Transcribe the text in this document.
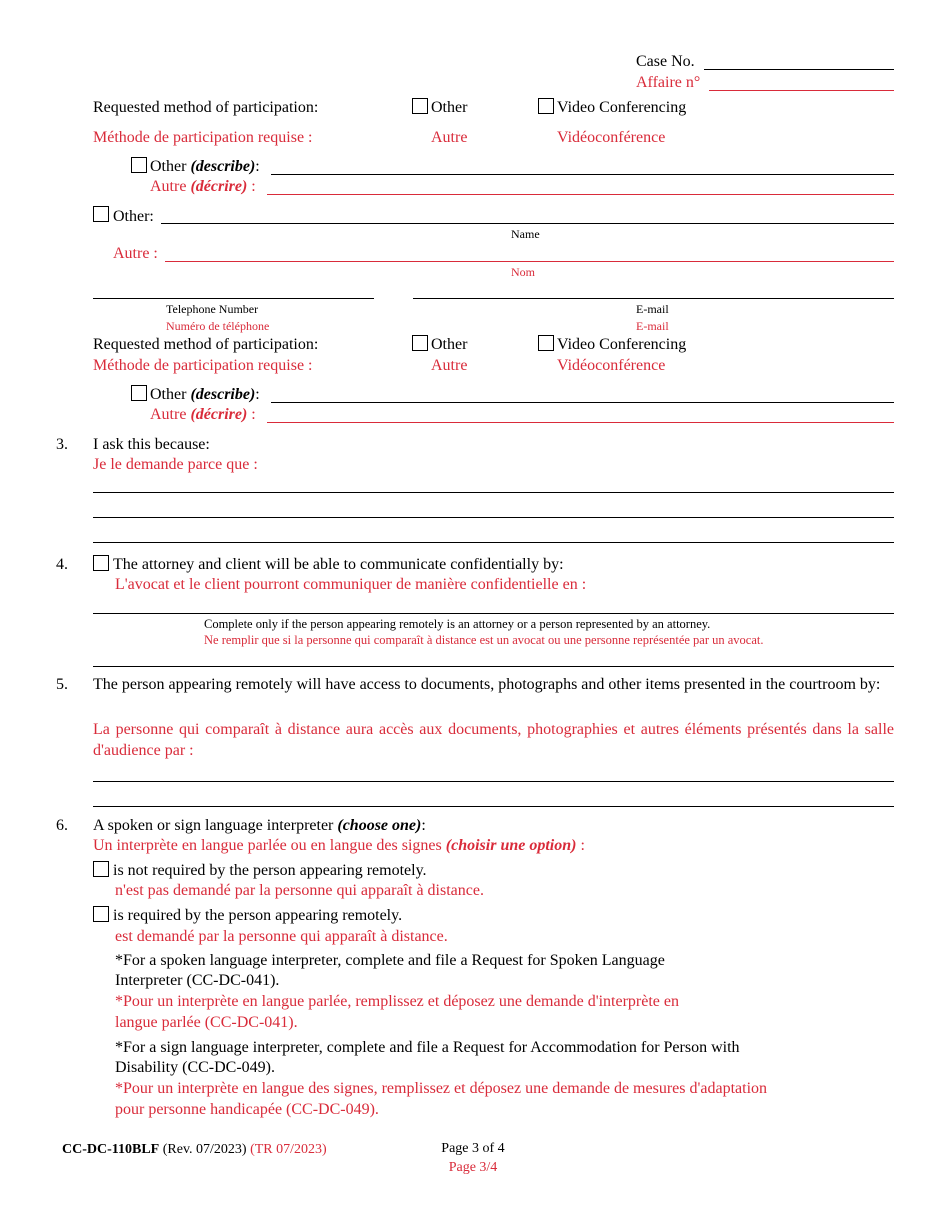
Case No.
Affaire n°
Requested method of participation:	Other	Video Conferencing
Méthode de participation requise :	Autre	Vidéoconférence
Other (describe):
Autre (décrire) :
Other:
Name
Autre :
Nom
Telephone Number
Numéro de téléphone
E-mail
E-mail
Requested method of participation:	Other	Video Conferencing
Méthode de participation requise :	Autre	Vidéoconférence
Other (describe):
Autre (décrire) :
3. I ask this because:
Je le demande parce que :
4.	The attorney and client will be able to communicate confidentially by:
L'avocat et le client pourront communiquer de manière confidentielle en :
Complete only if the person appearing remotely is an attorney or a person represented by an attorney.
Ne remplir que si la personne qui comparaît à distance est un avocat ou une personne représentée par un avocat.
5. The person appearing remotely will have access to documents, photographs and other items presented in the courtroom by:
La personne qui comparaît à distance aura accès aux documents, photographies et autres éléments présentés dans la salle d'audience par :
6. A spoken or sign language interpreter (choose one):
Un interprète en langue parlée ou en langue des signes (choisir une option) :
is not required by the person appearing remotely.
n'est pas demandé par la personne qui apparaît à distance.
is required by the person appearing remotely.
est demandé par la personne qui apparaît à distance.
*For a spoken language interpreter, complete and file a Request for Spoken Language
Interpreter (CC-DC-041).
*Pour un interprète en langue parlée, remplissez et déposez une demande d'interprète en
langue parlée (CC-DC-041).
*For a sign language interpreter, complete and file a Request for Accommodation for Person with
Disability (CC-DC-049).
*Pour un interprète en langue des signes, remplissez et déposez une demande de mesures d'adaptation
pour personne handicapée (CC-DC-049).
CC-DC-110BLF (Rev. 07/2023) (TR 07/2023)	Page 3 of 4
Page 3/4
